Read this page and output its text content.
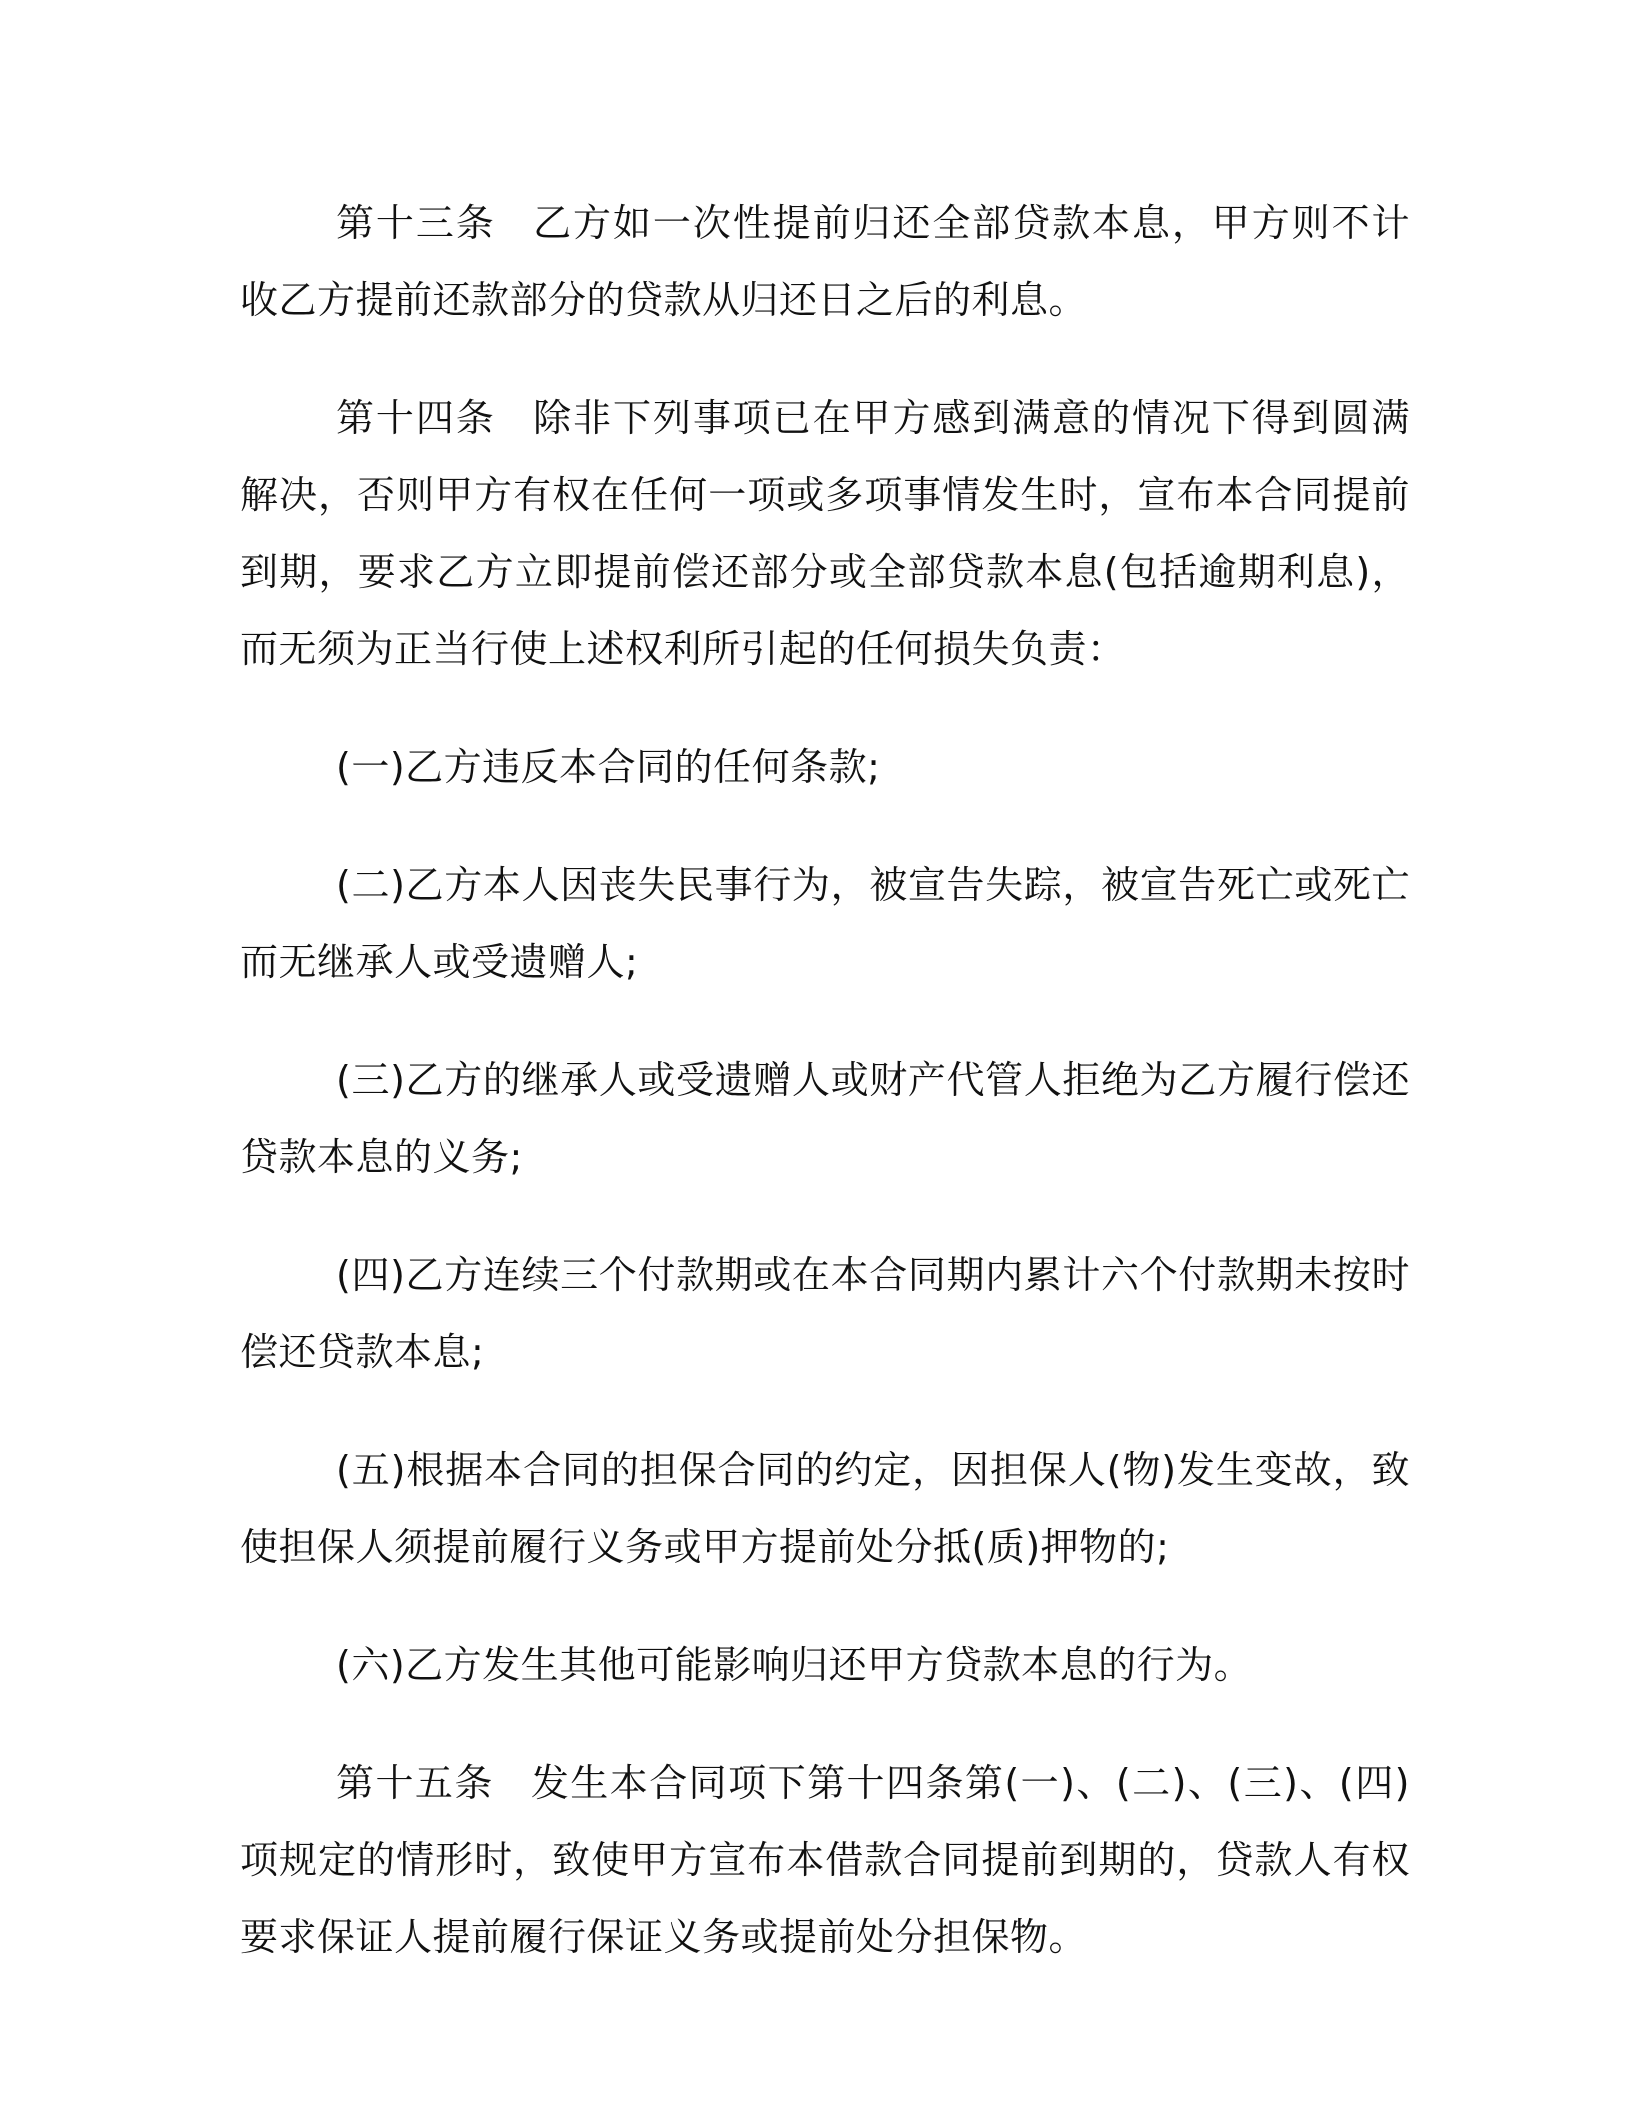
第十三条 乙方如一次性提前归还全部贷款本息，甲方则不计收乙方提前还款部分的贷款从归还日之后的利息。

第十四条 除非下列事项已在甲方感到满意的情况下得到圆满解决，否则甲方有权在任何一项或多项事情发生时，宣布本合同提前到期，要求乙方立即提前偿还部分或全部贷款本息(包括逾期利息)，而无须为正当行使上述权利所引起的任何损失负责：

(一)乙方违反本合同的任何条款;

(二)乙方本人因丧失民事行为，被宣告失踪，被宣告死亡或死亡而无继承人或受遗赠人;

(三)乙方的继承人或受遗赠人或财产代管人拒绝为乙方履行偿还贷款本息的义务;

(四)乙方连续三个付款期或在本合同期内累计六个付款期未按时偿还贷款本息;

(五)根据本合同的担保合同的约定，因担保人(物)发生变故，致使担保人须提前履行义务或甲方提前处分抵(质)押物的;

(六)乙方发生其他可能影响归还甲方贷款本息的行为。

第十五条 发生本合同项下第十四条第(一)、(二)、(三)、(四)项规定的情形时，致使甲方宣布本借款合同提前到期的，贷款人有权要求保证人提前履行保证义务或提前处分担保物。
